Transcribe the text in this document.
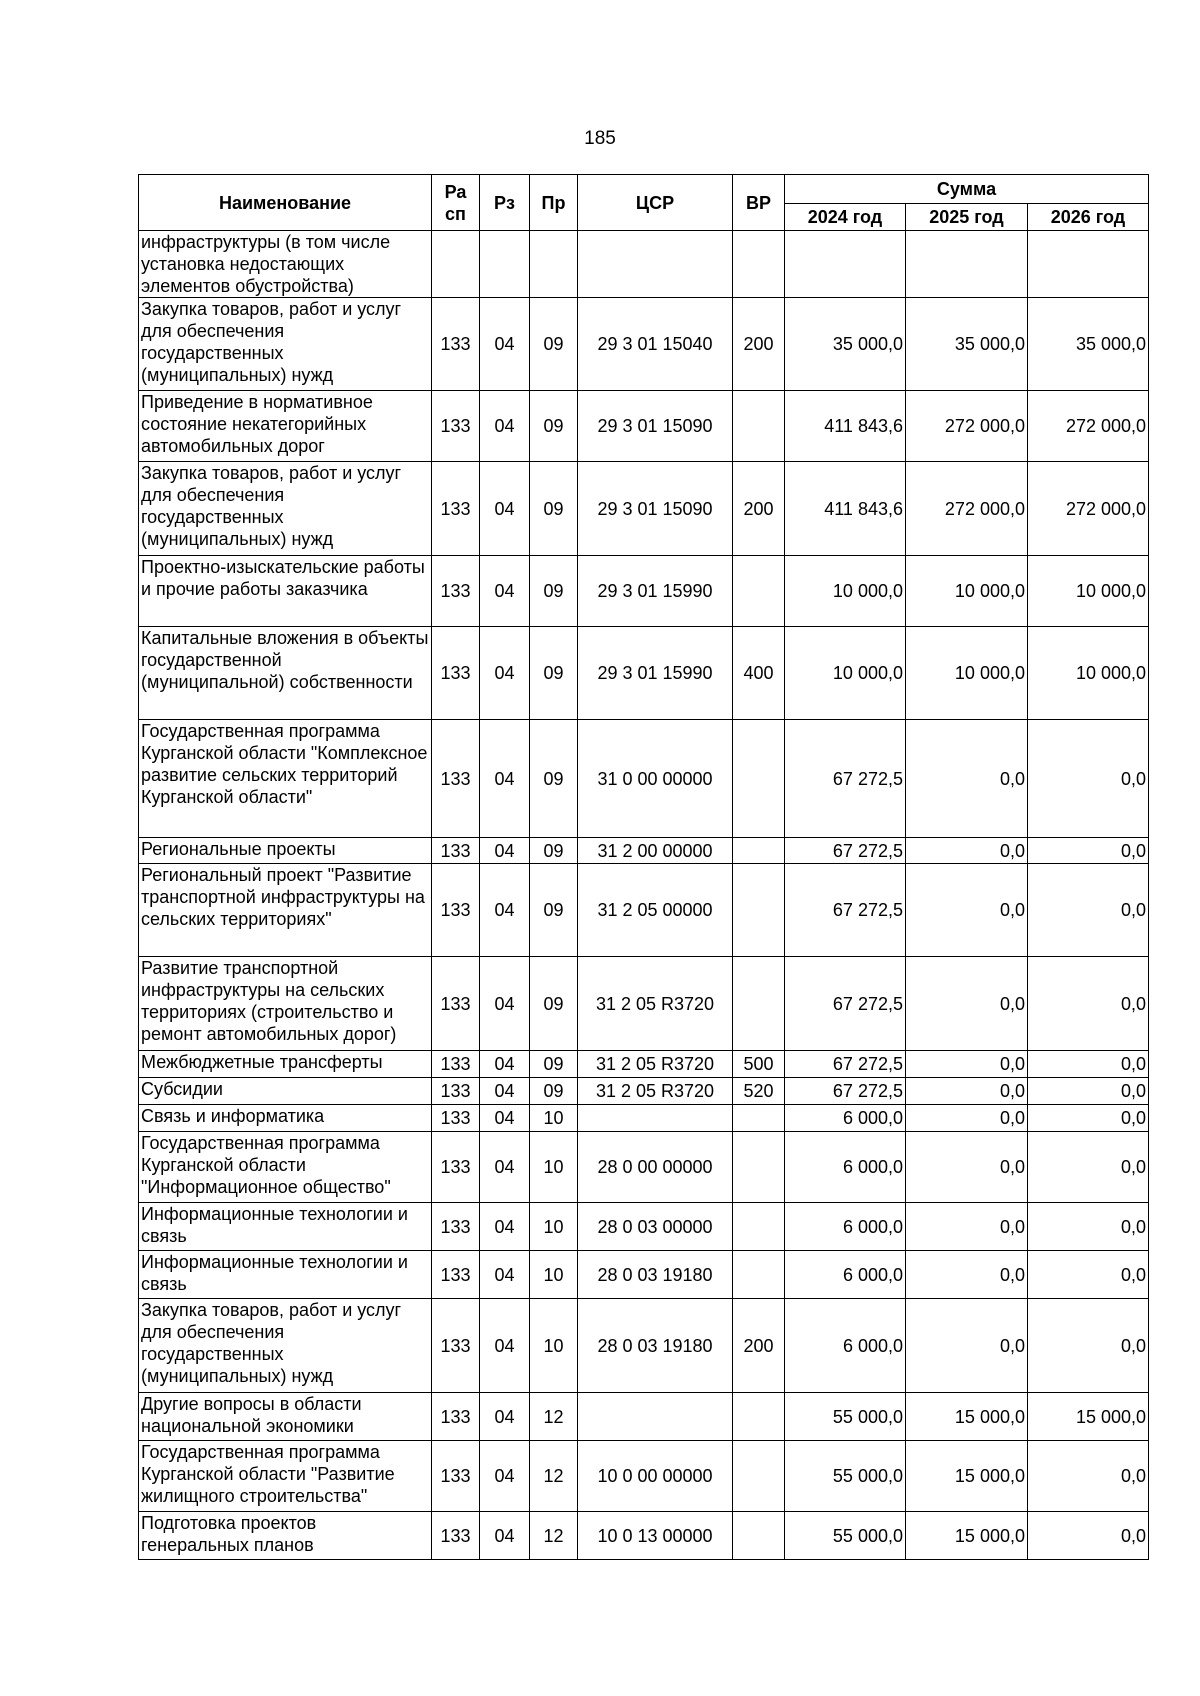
185
Наименование	Ра сп	Рз	Пр	ЦСР	ВР	Сумма		
						2024 год	2025 год	2026 год
инфраструктуры (в том числе установка недостающих элементов обустройства)								
Закупка товаров, работ и услуг для обеспечения государственных (муниципальных) нужд	133	04	09	29 3 01 15040	200	35 000,0	35 000,0	35 000,0
Приведение в нормативное состояние некатегорийных автомобильных дорог	133	04	09	29 3 01 15090		411 843,6	272 000,0	272 000,0
Закупка товаров, работ и услуг для обеспечения государственных (муниципальных) нужд	133	04	09	29 3 01 15090	200	411 843,6	272 000,0	272 000,0
Проектно-изыскательские работы и прочие работы заказчика	133	04	09	29 3 01 15990		10 000,0	10 000,0	10 000,0
Капитальные вложения в объекты государственной (муниципальной) собственности	133	04	09	29 3 01 15990	400	10 000,0	10 000,0	10 000,0
Государственная программа Курганской области "Комплексное развитие сельских территорий Курганской области"	133	04	09	31 0 00 00000		67 272,5	0,0	0,0
Региональные проекты	133	04	09	31 2 00 00000		67 272,5	0,0	0,0
Региональный проект "Развитие транспортной инфраструктуры на сельских территориях"	133	04	09	31 2 05 00000		67 272,5	0,0	0,0
Развитие транспортной инфраструктуры на сельских территориях (строительство и ремонт автомобильных дорог)	133	04	09	31 2 05 R3720		67 272,5	0,0	0,0
Межбюджетные трансферты	133	04	09	31 2 05 R3720	500	67 272,5	0,0	0,0
Субсидии	133	04	09	31 2 05 R3720	520	67 272,5	0,0	0,0
Связь и информатика	133	04	10			6 000,0	0,0	0,0
Государственная программа Курганской области "Информационное общество"	133	04	10	28 0 00 00000		6 000,0	0,0	0,0
Информационные технологии и связь	133	04	10	28 0 03 00000		6 000,0	0,0	0,0
Информационные технологии и связь	133	04	10	28 0 03 19180		6 000,0	0,0	0,0
Закупка товаров, работ и услуг для обеспечения государственных (муниципальных) нужд	133	04	10	28 0 03 19180	200	6 000,0	0,0	0,0
Другие вопросы в области национальной экономики	133	04	12			55 000,0	15 000,0	15 000,0
Государственная программа Курганской области "Развитие жилищного строительства"	133	04	12	10 0 00 00000		55 000,0	15 000,0	0,0
Подготовка проектов генеральных планов	133	04	12	10 0 13 00000		55 000,0	15 000,0	0,0
